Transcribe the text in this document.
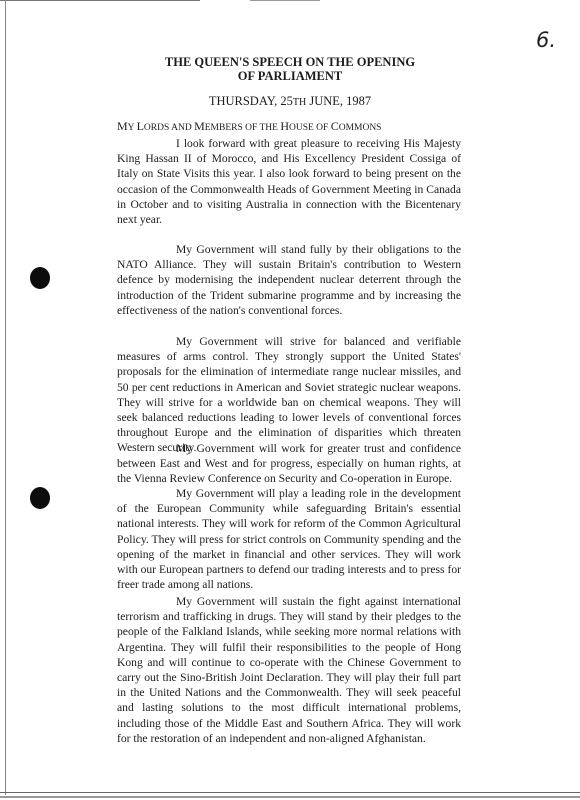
6.
THE QUEEN'S SPEECH ON THE OPENING
OF PARLIAMENT
THURSDAY, 25TH JUNE, 1987
MY LORDS AND MEMBERS OF THE HOUSE OF COMMONS

I look forward with great pleasure to receiving His Majesty King Hassan II of Morocco, and His Excellency President Cossiga of Italy on State Visits this year. I also look forward to being present on the occasion of the Commonwealth Heads of Government Meeting in Canada in October and to visiting Australia in connection with the Bicentenary next year.

My Government will stand fully by their obligations to the NATO Alliance. They will sustain Britain's contribution to Western defence by modernising the independent nuclear deterrent through the introduction of the Trident submarine programme and by increasing the effectiveness of the nation's conventional forces.

My Government will strive for balanced and verifiable measures of arms control. They strongly support the United States' proposals for the elimination of intermediate range nuclear missiles, and 50 per cent reductions in American and Soviet strategic nuclear weapons. They will strive for a worldwide ban on chemical weapons. They will seek balanced reductions leading to lower levels of conventional forces throughout Europe and the elimination of disparities which threaten Western security.

My Government will work for greater trust and confidence between East and West and for progress, especially on human rights, at the Vienna Review Conference on Security and Co-operation in Europe.

My Government will play a leading role in the development of the European Community while safeguarding Britain's essential national interests. They will work for reform of the Common Agricultural Policy. They will press for strict controls on Community spending and the opening of the market in financial and other services. They will work with our European partners to defend our trading interests and to press for freer trade among all nations.

My Government will sustain the fight against international terrorism and trafficking in drugs. They will stand by their pledges to the people of the Falkland Islands, while seeking more normal relations with Argentina. They will fulfil their responsibilities to the people of Hong Kong and will continue to co-operate with the Chinese Government to carry out the Sino-British Joint Declaration. They will play their full part in the United Nations and the Commonwealth. They will seek peaceful and lasting solutions to the most difficult international problems, including those of the Middle East and Southern Africa. They will work for the restoration of an independent and non-aligned Afghanistan.
